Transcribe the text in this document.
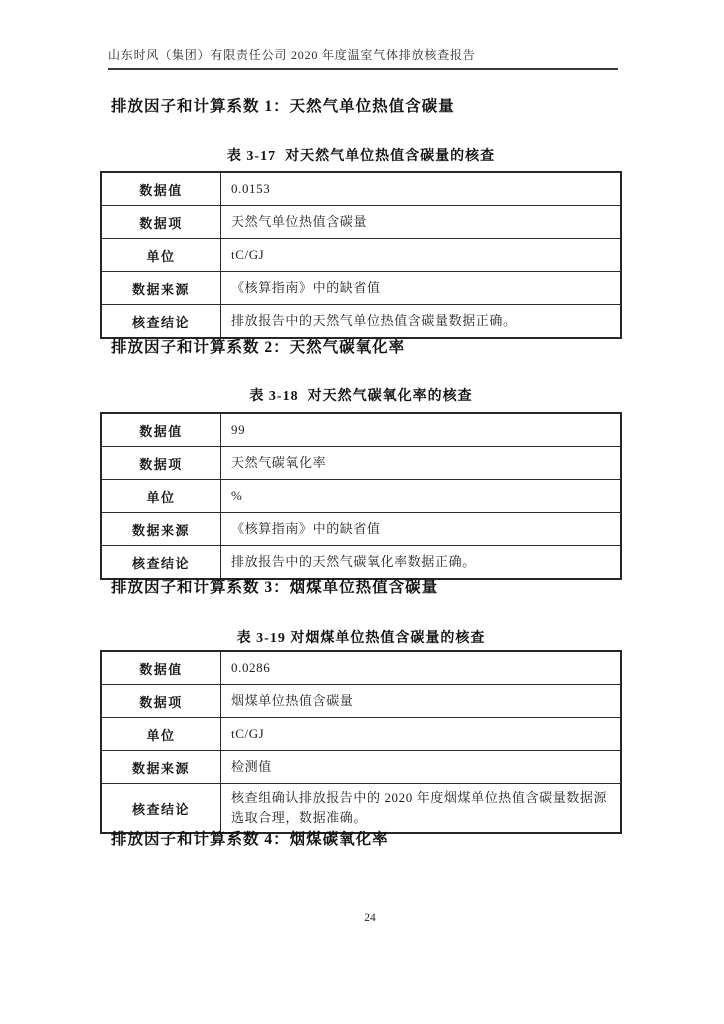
山东时风（集团）有限责任公司 2020 年度温室气体排放核查报告
排放因子和计算系数 1：天然气单位热值含碳量
表 3-17  对天然气单位热值含碳量的核查
数据值	0.0153
数据项	天然气单位热值含碳量
单位	tC/GJ
数据来源	《核算指南》中的缺省值
核查结论	排放报告中的天然气单位热值含碳量数据正确。
排放因子和计算系数 2：天然气碳氧化率
表 3-18  对天然气碳氧化率的核查
数据值	99
数据项	天然气碳氧化率
单位	%
数据来源	《核算指南》中的缺省值
核查结论	排放报告中的天然气碳氧化率数据正确。
排放因子和计算系数 3：烟煤单位热值含碳量
表 3-19 对烟煤单位热值含碳量的核查
数据值	0.0286
数据项	烟煤单位热值含碳量
单位	tC/GJ
数据来源	检测值
核查结论	核查组确认排放报告中的 2020 年度烟煤单位热值含碳量数据源选取合理，数据准确。
排放因子和计算系数 4：烟煤碳氧化率
24
